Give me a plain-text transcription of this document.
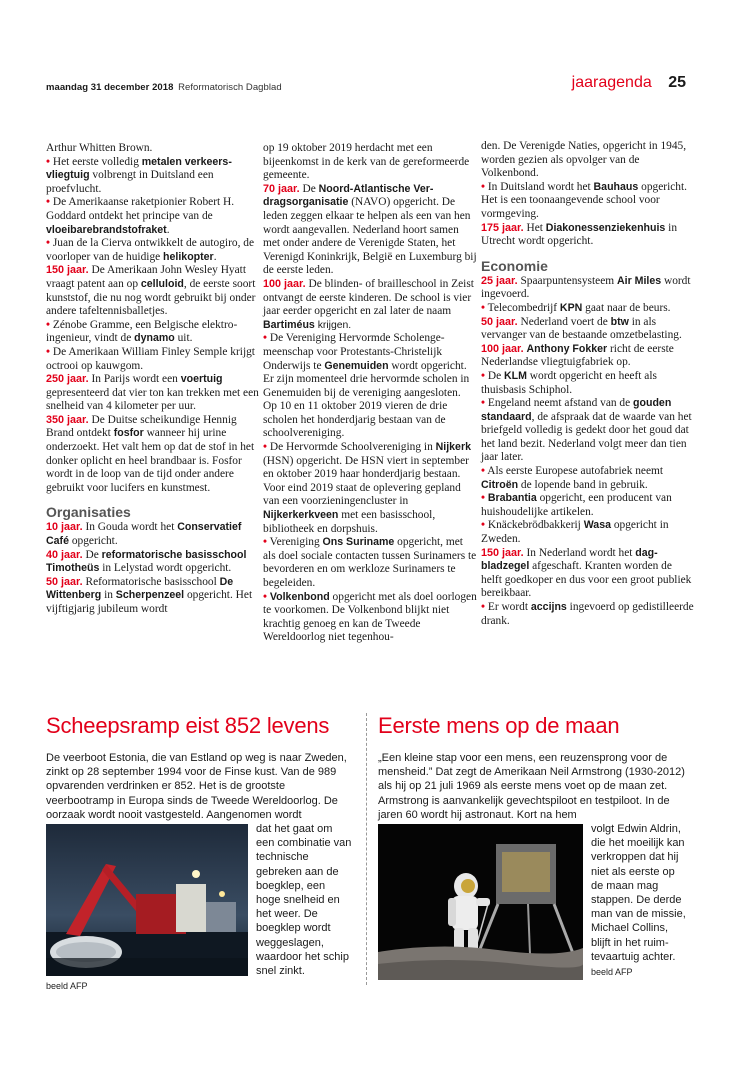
maandag 31 december 2018 Reformatorisch Dagblad	jaaragenda 25

Arthur Whitten Brown.

• Het eerste volledig metalen verkeersvliegtuig volbrengt in Duitsland een proefvlucht.

• De Amerikaanse raketpionier Robert H. Goddard ontdekt het principe van de vloeibarebrandstofraket.

• Juan de la Cierva ontwikkelt de autogiro, de voorloper van de huidige helikopter.

150 jaar. De Amerikaan John Wesley Hyatt vraagt patent aan op celluloid, de eerste soort kunststof, die nu nog wordt gebruikt bij onder andere tafeltennisballetjes.

• Zénobe Gramme, een Belgische elektro-ingenieur, vindt de dynamo uit.

• De Amerikaan William Finley Semple krijgt octrooi op kauwgom.

250 jaar. In Parijs wordt een voertuig gepresenteerd dat vier ton kan trekken met een snelheid van 4 kilometer per uur.

350 jaar. De Duitse scheikundige Hennig Brand ontdekt fosfor wanneer hij urine onderzoekt. Het valt hem op dat de stof in het donker oplicht en heel brandbaar is. Fosfor wordt in de loop van de tijd onder andere gebruikt voor lucifers en kunstmest.

Organisaties

10 jaar. In Gouda wordt het Conservatief Café opgericht.

40 jaar. De reformatorische basisschool Timotheüs in Lelystad wordt opgericht.

50 jaar. Reformatorische basisschool De Wittenberg in Scherpenzeel opgericht. Het vijftigjarig jubileum wordt

op 19 oktober 2019 herdacht met een bijeenkomst in de kerk van de gereformeerde gemeente.

70 jaar. De Noord-Atlantische Verdragsorganisatie (NAVO) opgericht. De leden zeggen elkaar te helpen als een van hen wordt aangevallen. Nederland hoort samen met onder andere de Verenigde Staten, het Verenigd Koninkrijk, België en Luxemburg bij de eerste leden.

100 jaar. De blinden- of brailleschool in Zeist ontvangt de eerste kinderen. De school is vier jaar eerder opgericht en zal later de naam Bartiméus krijgen.

• De Vereniging Hervormde Scholengemeenschap voor Protestants-Christelijk Onderwijs te Genemuiden wordt opgericht. Er zijn momenteel drie hervormde scholen in Genemuiden bij de vereniging aangesloten. Op 10 en 11 oktober 2019 vieren de drie scholen het honderdjarig bestaan van de schoolvereniging.

• De Hervormde Schoolvereniging in Nijkerk (HSN) opgericht. De HSN viert in september en oktober 2019 haar honderdjarig bestaan. Voor eind 2019 staat de oplevering gepland van een voorzieningencluster in Nijkerkerkveen met een basisschool, bibliotheek en dorpshuis.

• Vereniging Ons Suriname opgericht, met als doel sociale contacten tussen Surinamers te bevorderen en om werkloze Surinamers te begeleiden.

• Volkenbond opgericht met als doel oorlogen te voorkomen. De Volkenbond blijkt niet krachtig genoeg en kan de Tweede Wereldoorlog niet tegenhou-

den. De Verenigde Naties, opgericht in 1945, worden gezien als opvolger van de Volkenbond.

• In Duitsland wordt het Bauhaus opgericht. Het is een toonaangevende school voor vormgeving.

175 jaar. Het Diakonessenziekenhuis in Utrecht wordt opgericht.

Economie

25 jaar. Spaarpuntensysteem Air Miles wordt ingevoerd.

• Telecombedrijf KPN gaat naar de beurs.

50 jaar. Nederland voert de btw in als vervanger van de bestaande omzetbelasting.

100 jaar. Anthony Fokker richt de eerste Nederlandse vliegtuigfabriek op.

• De KLM wordt opgericht en heeft als thuisbasis Schiphol.

• Engeland neemt afstand van de gouden standaard, de afspraak dat de waarde van het briefgeld volledig is gedekt door het goud dat het land bezit. Nederland volgt meer dan tien jaar later.

• Als eerste Europese autofabriek neemt Citroën de lopende band in gebruik.

• Brabantia opgericht, een producent van huishoudelijke artikelen.

• Knäckebrödbakkerij Wasa opgericht in Zweden.

150 jaar. In Nederland wordt het dagbladzegel afgeschaft. Kranten worden de helft goedkoper en dus voor een groot publiek bereikbaar.

• Er wordt accijns ingevoerd op gedistilleerde drank.

Scheepsramp eist 852 levens

De veerboot Estonia, die van Estland op weg is naar Zweden, zinkt op 28 september 1994 voor de Finse kust. Van de 989 opvarenden verdrinken er 852. Het is de grootste veerbootramp in Europa sinds de Tweede Wereldoorlog. De oorzaak wordt nooit vastgesteld. Aangenomen wordt

dat het gaat om een combinatie van technische gebreken aan de boegklep, een hoge snelheid en het weer. De boegklep wordt weggeslagen, waardoor het schip snel zinkt.
beeld AFP
Eerste mens op de maan

„Een kleine stap voor een mens, een reuzensprong voor de mensheid.” Dat zegt de Amerikaan Neil Armstrong (1930-2012) als hij op 21 juli 1969 als eerste mens voet op de maan zet. Armstrong is aanvankelijk gevechtspiloot en testpiloot. In de jaren 60 wordt hij astronaut. Kort na hem

volgt Edwin Aldrin, die het moeilijk kan verkroppen dat hij niet als eerste op de maan mag stappen. De derde man van de missie, Michael Collins, blijft in het ruimtevaartuig achter.
beeld AFP
